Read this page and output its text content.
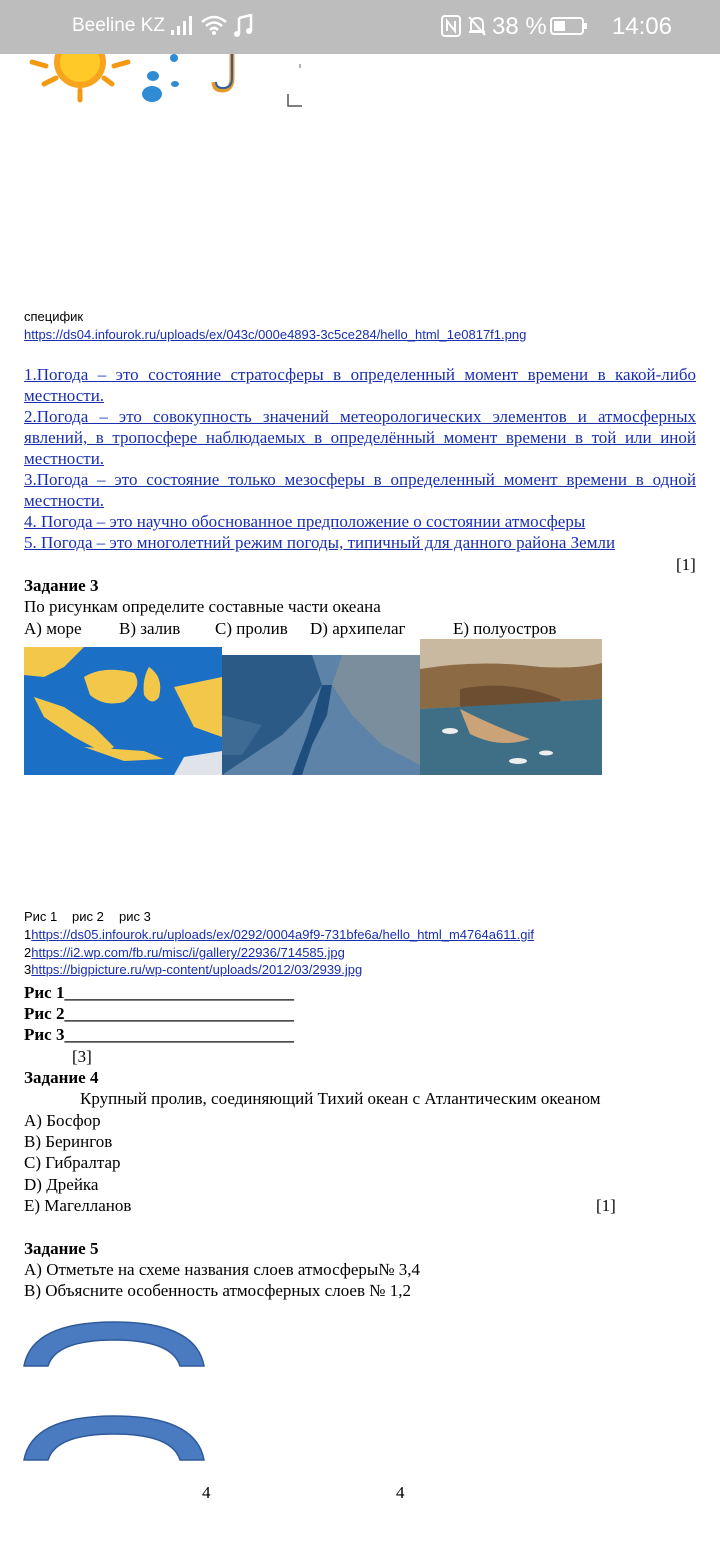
Beeline KZ	38 %	14:06
специфик
https://ds04.infourok.ru/uploads/ex/043c/000e4893-3c5ce284/hello_html_1e0817f1.png
1.Погода – это состояние стратосферы в определенный момент времени в какой-либо местности.
2.Погода – это совокупность значений метеорологических элементов и атмосферных явлений, в тропосфере наблюдаемых в определённый момент времени в той или иной местности.
3.Погода – это состояние только мезосферы в определенный момент времени в одной местности.
4. Погода – это научно обоснованное предположение о состоянии атмосферы
5. Погода – это многолетний режим погоды, типичный для данного района Земли
[1]
Задание 3
По рисункам определите составные части океана
A) море B) залив C) пролив D) архипелаг	E) полуостров
Рис 1 рис 2 рис 3
1https://ds05.infourok.ru/uploads/ex/0292/0004a9f9-731bfe6a/hello_html_m4764a611.gif
2https://i2.wp.com/fb.ru/misc/i/gallery/22936/714585.jpg
3https://bigpicture.ru/wp-content/uploads/2012/03/2939.jpg
Рис 1___________________________
Рис 2___________________________
Рис 3___________________________
[3]
Задание 4
Крупный пролив, соединяющий Тихий океан с Атлантическим океаном
A) Босфор
B) Берингов
C) Гибралтар
D) Дрейка
E) Магелланов	[1]
Задание 5
A) Отметьте на схеме названия слоев атмосферы№ 3,4
B) Объясните особенность атмосферных слоев № 1,2
4	4
